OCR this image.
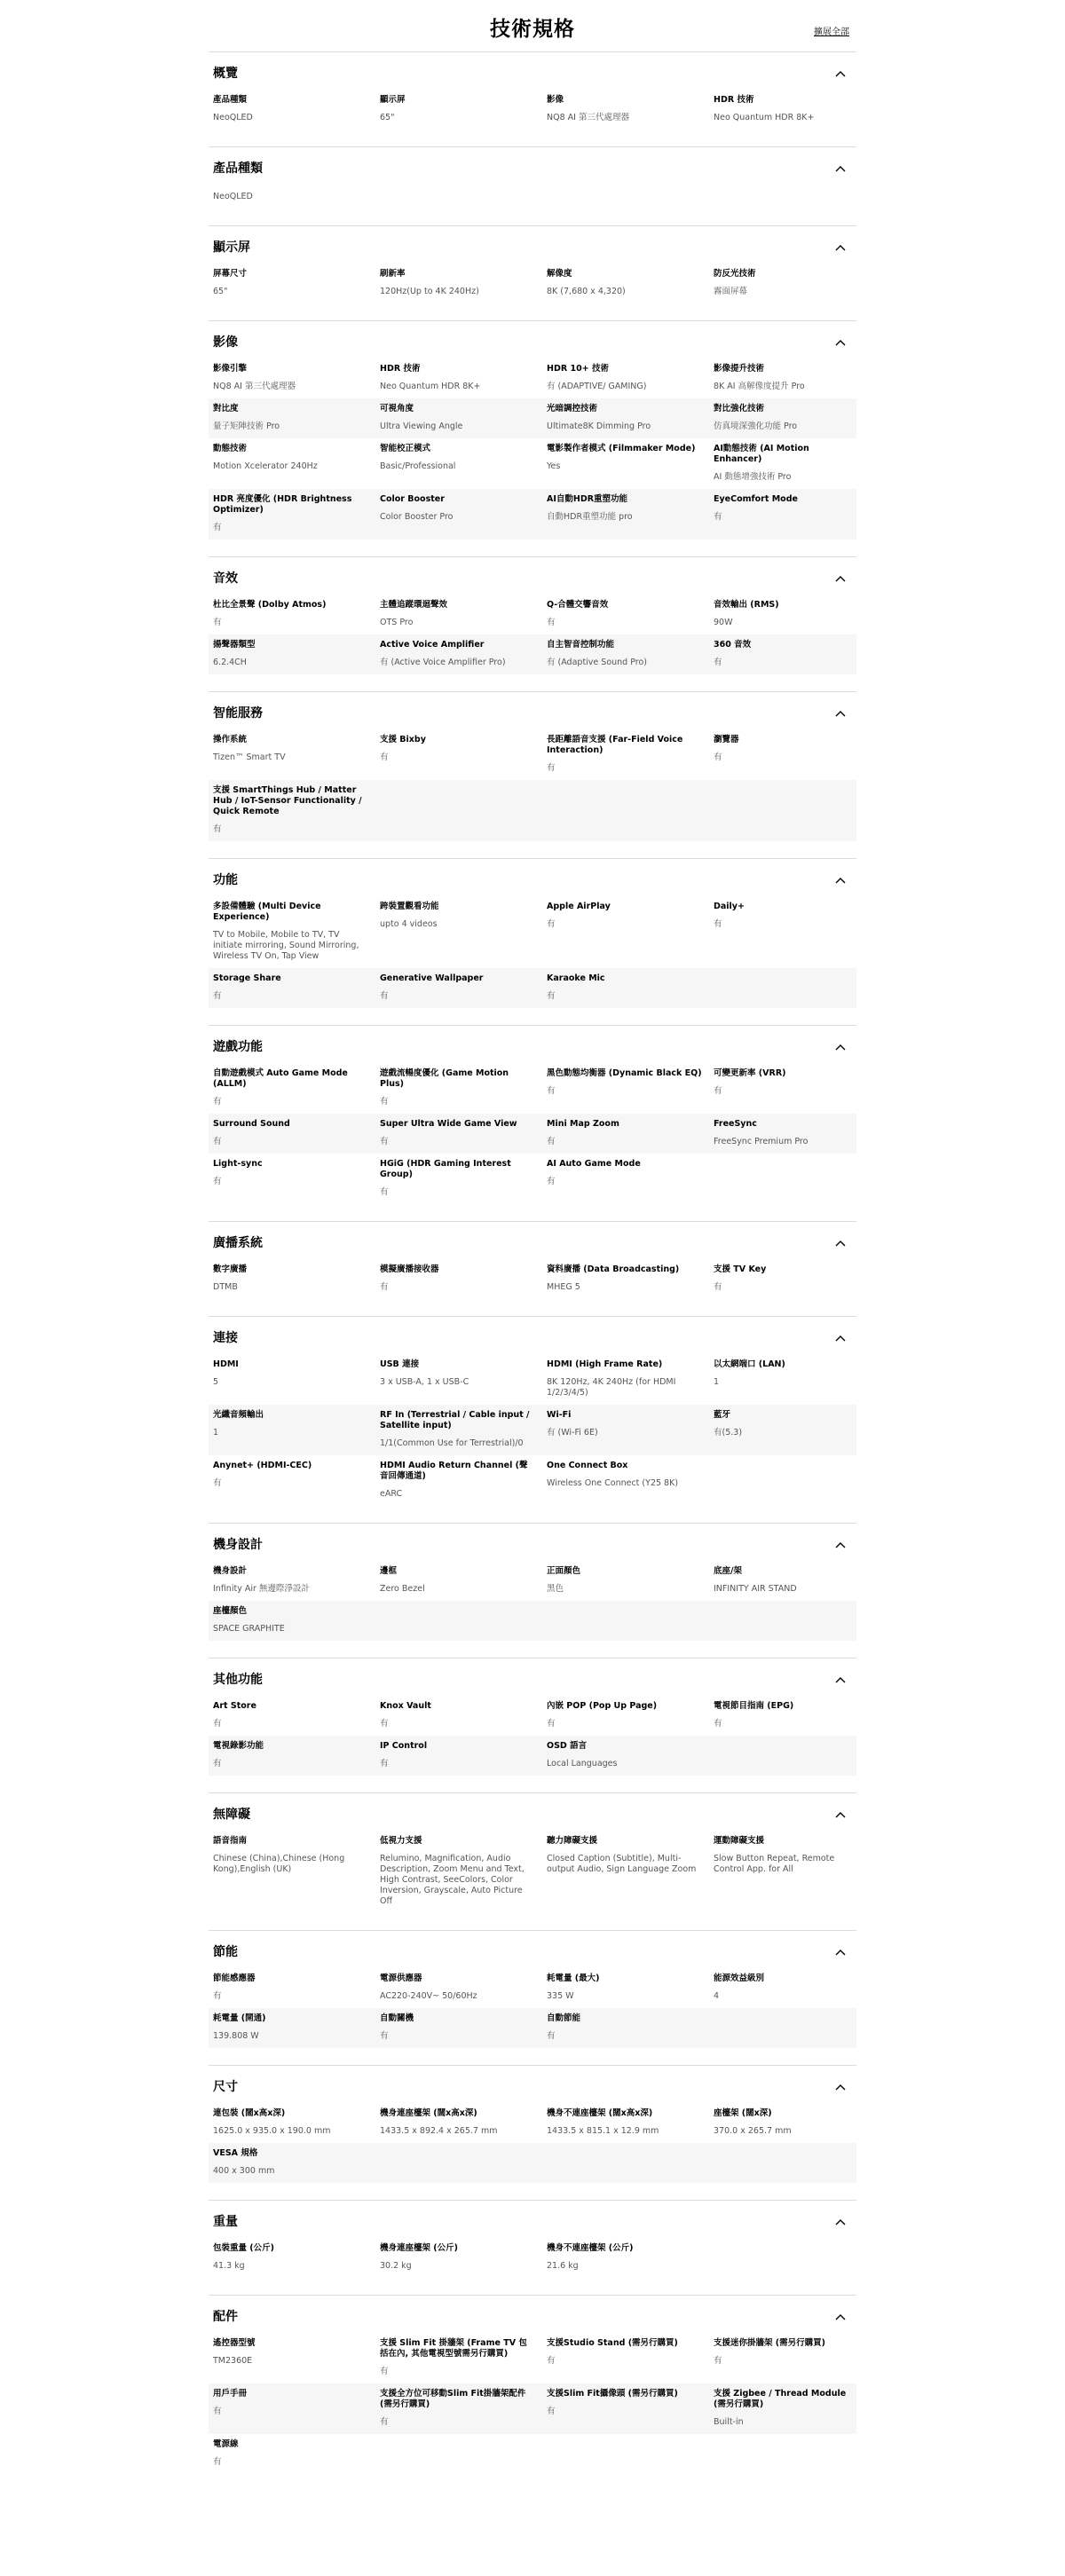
技術規格	擴展全部
概覽
產品種類
NeoQLED
顯示屏
65"
影像
NQ8 AI 第三代處理器
HDR 技術
Neo Quantum HDR 8K+
產品種類
NeoQLED
顯示屏
屏幕尺寸
65"
刷新率
120Hz(Up to 4K 240Hz)
解像度
8K (7,680 x 4,320)
防反光技術
霧面屏幕
影像
影像引擎
NQ8 AI 第三代處理器
HDR 技術
Neo Quantum HDR 8K+
HDR 10+ 技術
有 (ADAPTIVE/ GAMING)
影像提升技術
8K AI 高解像度提升 Pro
對比度
量子矩陣技術 Pro
可視角度
Ultra Viewing Angle
光暗調控技術
Ultimate8K Dimming Pro
對比強化技術
仿真境深強化功能 Pro
動態技術
Motion Xcelerator 240Hz
智能校正模式
Basic/Professional
電影製作者模式 (Filmmaker Mode)
Yes
AI動態技術 (AI Motion Enhancer)
AI 動態增強技術 Pro
HDR 亮度優化 (HDR Brightness Optimizer)
有
Color Booster
Color Booster Pro
AI自動HDR重塑功能
自動HDR重塑功能 pro
EyeComfort Mode
有
音效
杜比全景聲 (Dolby Atmos)
有
主體追蹤環迴聲效
OTS Pro
Q-合體交響音效
有
音效輸出 (RMS)
90W
揚聲器類型
6.2.4CH
Active Voice Amplifier
有 (Active Voice Amplifier Pro)
自主智音控制功能
有 (Adaptive Sound Pro)
360 音效
有
智能服務
操作系統
Tizen™ Smart TV
支援 Bixby
有
長距離語音支援 (Far-Field Voice Interaction)
有
瀏覽器
有
支援 SmartThings Hub / Matter Hub / IoT-Sensor Functionality / Quick Remote
有
功能
多設備體驗 (Multi Device Experience)
TV to Mobile, Mobile to TV, TV initiate mirroring, Sound Mirroring, Wireless TV On, Tap View
跨裝置觀看功能
upto 4 videos
Apple AirPlay
有
Daily+
有
Storage Share
有
Generative Wallpaper
有
Karaoke Mic
有
遊戲功能
自動遊戲模式 Auto Game Mode (ALLM)
有
遊戲流暢度優化 (Game Motion Plus)
有
黑色動態均衡器 (Dynamic Black EQ)
有
可變更新率 (VRR)
有
Surround Sound
有
Super Ultra Wide Game View
有
Mini Map Zoom
有
FreeSync
FreeSync Premium Pro
Light-sync
有
HGiG (HDR Gaming Interest Group)
有
AI Auto Game Mode
有
廣播系統
數字廣播
DTMB
模擬廣播接收器
有
資料廣播 (Data Broadcasting)
MHEG 5
支援 TV Key
有
連接
HDMI
5
USB 連接
3 x USB-A, 1 x USB-C
HDMI (High Frame Rate)
8K 120Hz, 4K 240Hz (for HDMI 1/2/3/4/5)
以太網端口 (LAN)
1
光纖音頻輸出
1
RF In (Terrestrial / Cable input / Satellite input)
1/1(Common Use for Terrestrial)/0
Wi-Fi
有 (Wi-Fi 6E)
藍牙
有(5.3)
Anynet+ (HDMI-CEC)
有
HDMI Audio Return Channel (聲音回傳通道)
eARC
One Connect Box
Wireless One Connect (Y25 8K)
機身設計
機身設計
Infinity Air 無邊際淨設計
邊框
Zero Bezel
正面顏色
黑色
底座/架
INFINITY AIR STAND
座檯顏色
SPACE GRAPHITE
其他功能
Art Store
有
Knox Vault
有
內嵌 POP (Pop Up Page)
有
電視節目指南 (EPG)
有
電視錄影功能
有
IP Control
有
OSD 語言
Local Languages
無障礙
語音指南
Chinese (China),Chinese (Hong Kong),English (UK)
低視力支援
Relumino, Magnification, Audio Description, Zoom Menu and Text, High Contrast, SeeColors, Color Inversion, Grayscale, Auto Picture Off
聽力障礙支援
Closed Caption (Subtitle), Multi-output Audio, Sign Language Zoom
運動障礙支援
Slow Button Repeat, Remote Control App. for All
節能
節能感應器
有
電源供應器
AC220-240V~ 50/60Hz
耗電量 (最大)
335 W
能源效益級別
4
耗電量 (開通)
139.808 W
自動關機
有
自動節能
有
尺寸
連包裝 (闊x高x深)
1625.0 x 935.0 x 190.0 mm
機身連座檯架 (闊x高x深)
1433.5 x 892.4 x 265.7 mm
機身不連座檯架 (闊x高x深)
1433.5 x 815.1 x 12.9 mm
座檯架 (闊x深)
370.0 x 265.7 mm
VESA 規格
400 x 300 mm
重量
包裝重量 (公斤)
41.3 kg
機身連座檯架 (公斤)
30.2 kg
機身不連座檯架 (公斤)
21.6 kg
配件
遙控器型號
TM2360E
支援 Slim Fit 掛牆架 (Frame TV 包括在內, 其他電視型號需另行購買)
有
支援Studio Stand (需另行購買)
有
支援迷你掛牆架 (需另行購買)
有
用戶手冊
有
支援全方位可移動Slim Fit掛牆架配件 (需另行購買)
有
支援Slim Fit攝像頭 (需另行購買)
有
支援 Zigbee / Thread Module (需另行購買)
Built-in
電源線
有
